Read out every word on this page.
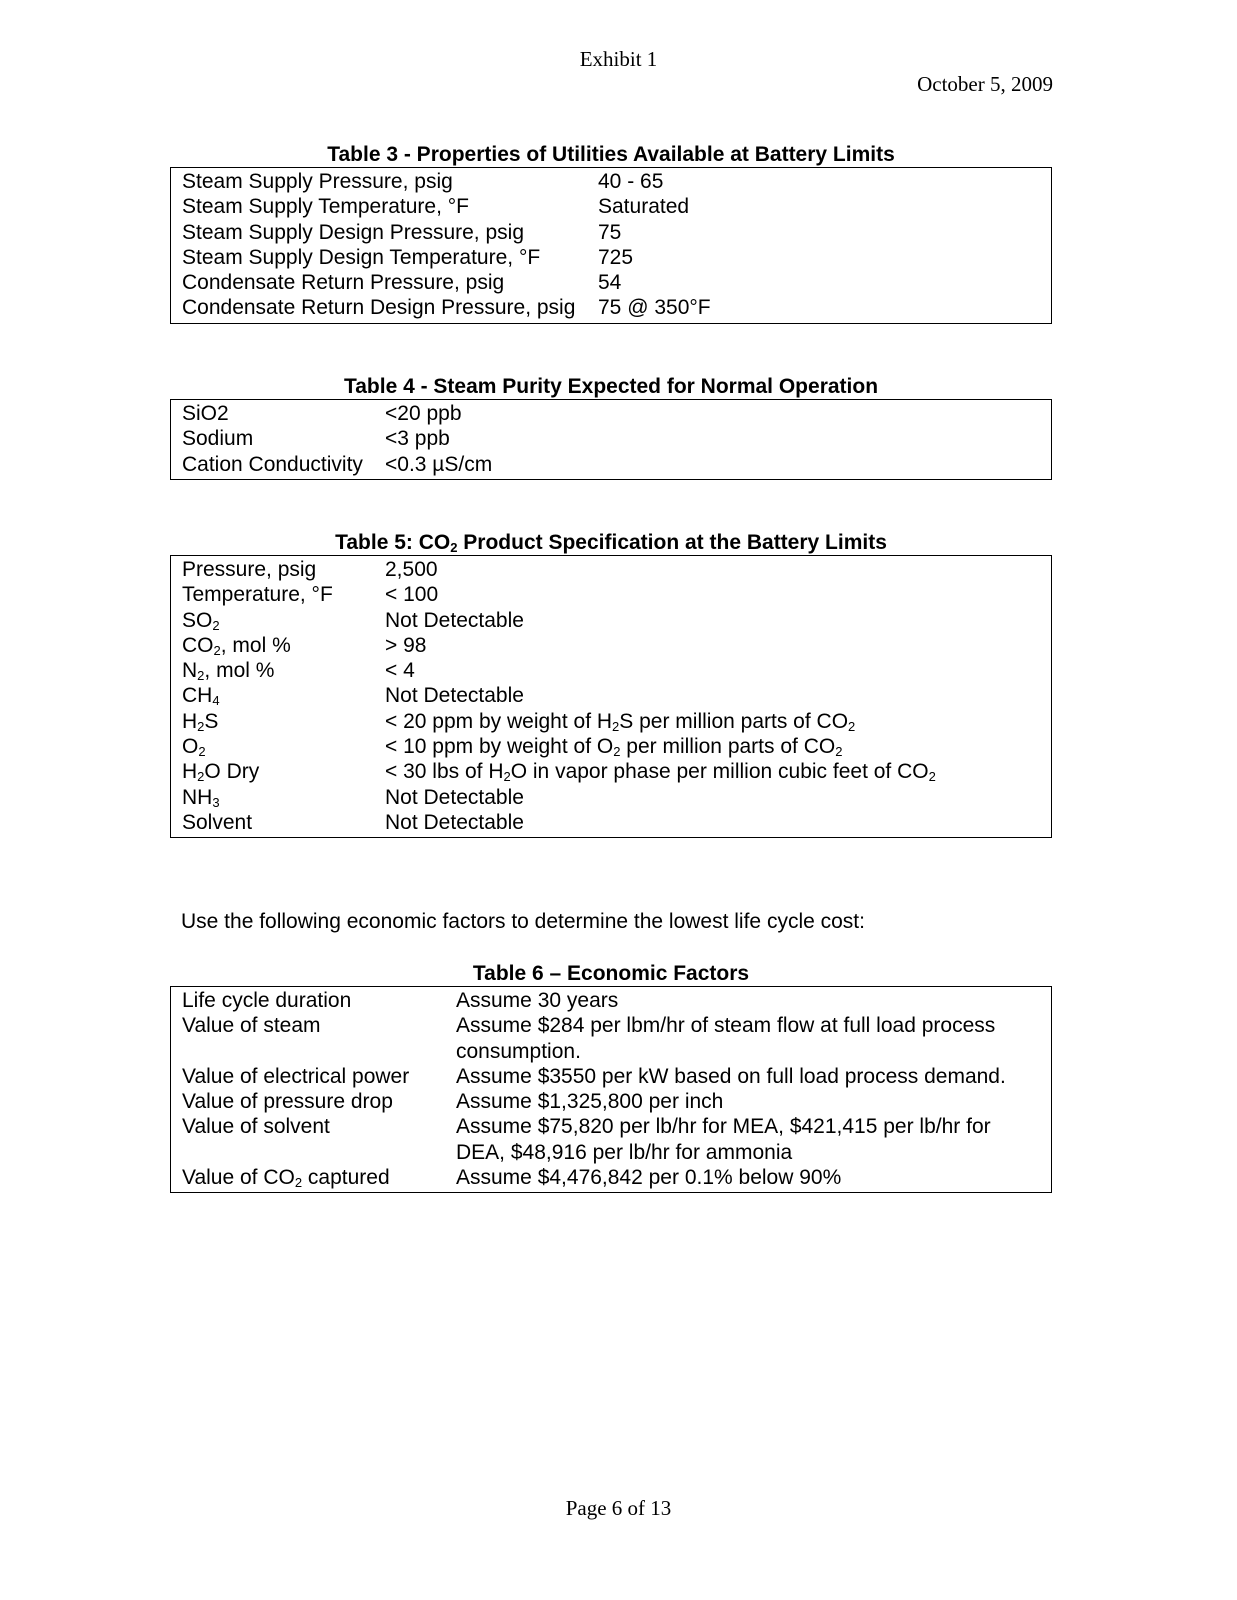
Exhibit 1
October 5, 2009
Table 3 - Properties of Utilities Available at Battery Limits
Steam Supply Pressure, psig	40 - 65
Steam Supply Temperature, °F	Saturated
Steam Supply Design Pressure, psig	75
Steam Supply Design Temperature, °F	725
Condensate Return Pressure, psig	54
Condensate Return Design Pressure, psig	75 @ 350°F
Table 4 - Steam Purity Expected for Normal Operation
SiO2	<20 ppb
Sodium	<3 ppb
Cation Conductivity	<0.3 µS/cm
Table 5: $CO_2$ Product Specification at the Battery Limits
Pressure, psig	2,500
Temperature, °F	< 100
$SO_2$	Not Detectable
$CO_2$, mol %	> 98
$N_2$, mol %	< 4
$CH_4$	Not Detectable
$H_2S$	< 20 ppm by weight of $H_2S$ per million parts of $CO_2$
$O_2$	< 10 ppm by weight of $O_2$ per million parts of $CO_2$
$H_2O$ Dry	< 30 lbs of $H_2O$ in vapor phase per million cubic feet of $CO_2$
$NH_3$	Not Detectable
Solvent	Not Detectable
Use the following economic factors to determine the lowest life cycle cost:
Table 6 – Economic Factors
Life cycle duration	Assume 30 years
Value of steam	Assume $284 per lbm/hr of steam flow at full load process consumption.
Value of electrical power	Assume $3550 per kW based on full load process demand.
Value of pressure drop	Assume $1,325,800 per inch
Value of solvent	Assume $75,820 per lb/hr for MEA, $421,415 per lb/hr for DEA, $48,916 per lb/hr for ammonia
Value of $CO_2$ captured	Assume $4,476,842 per 0.1% below 90%
Page 6 of 13
